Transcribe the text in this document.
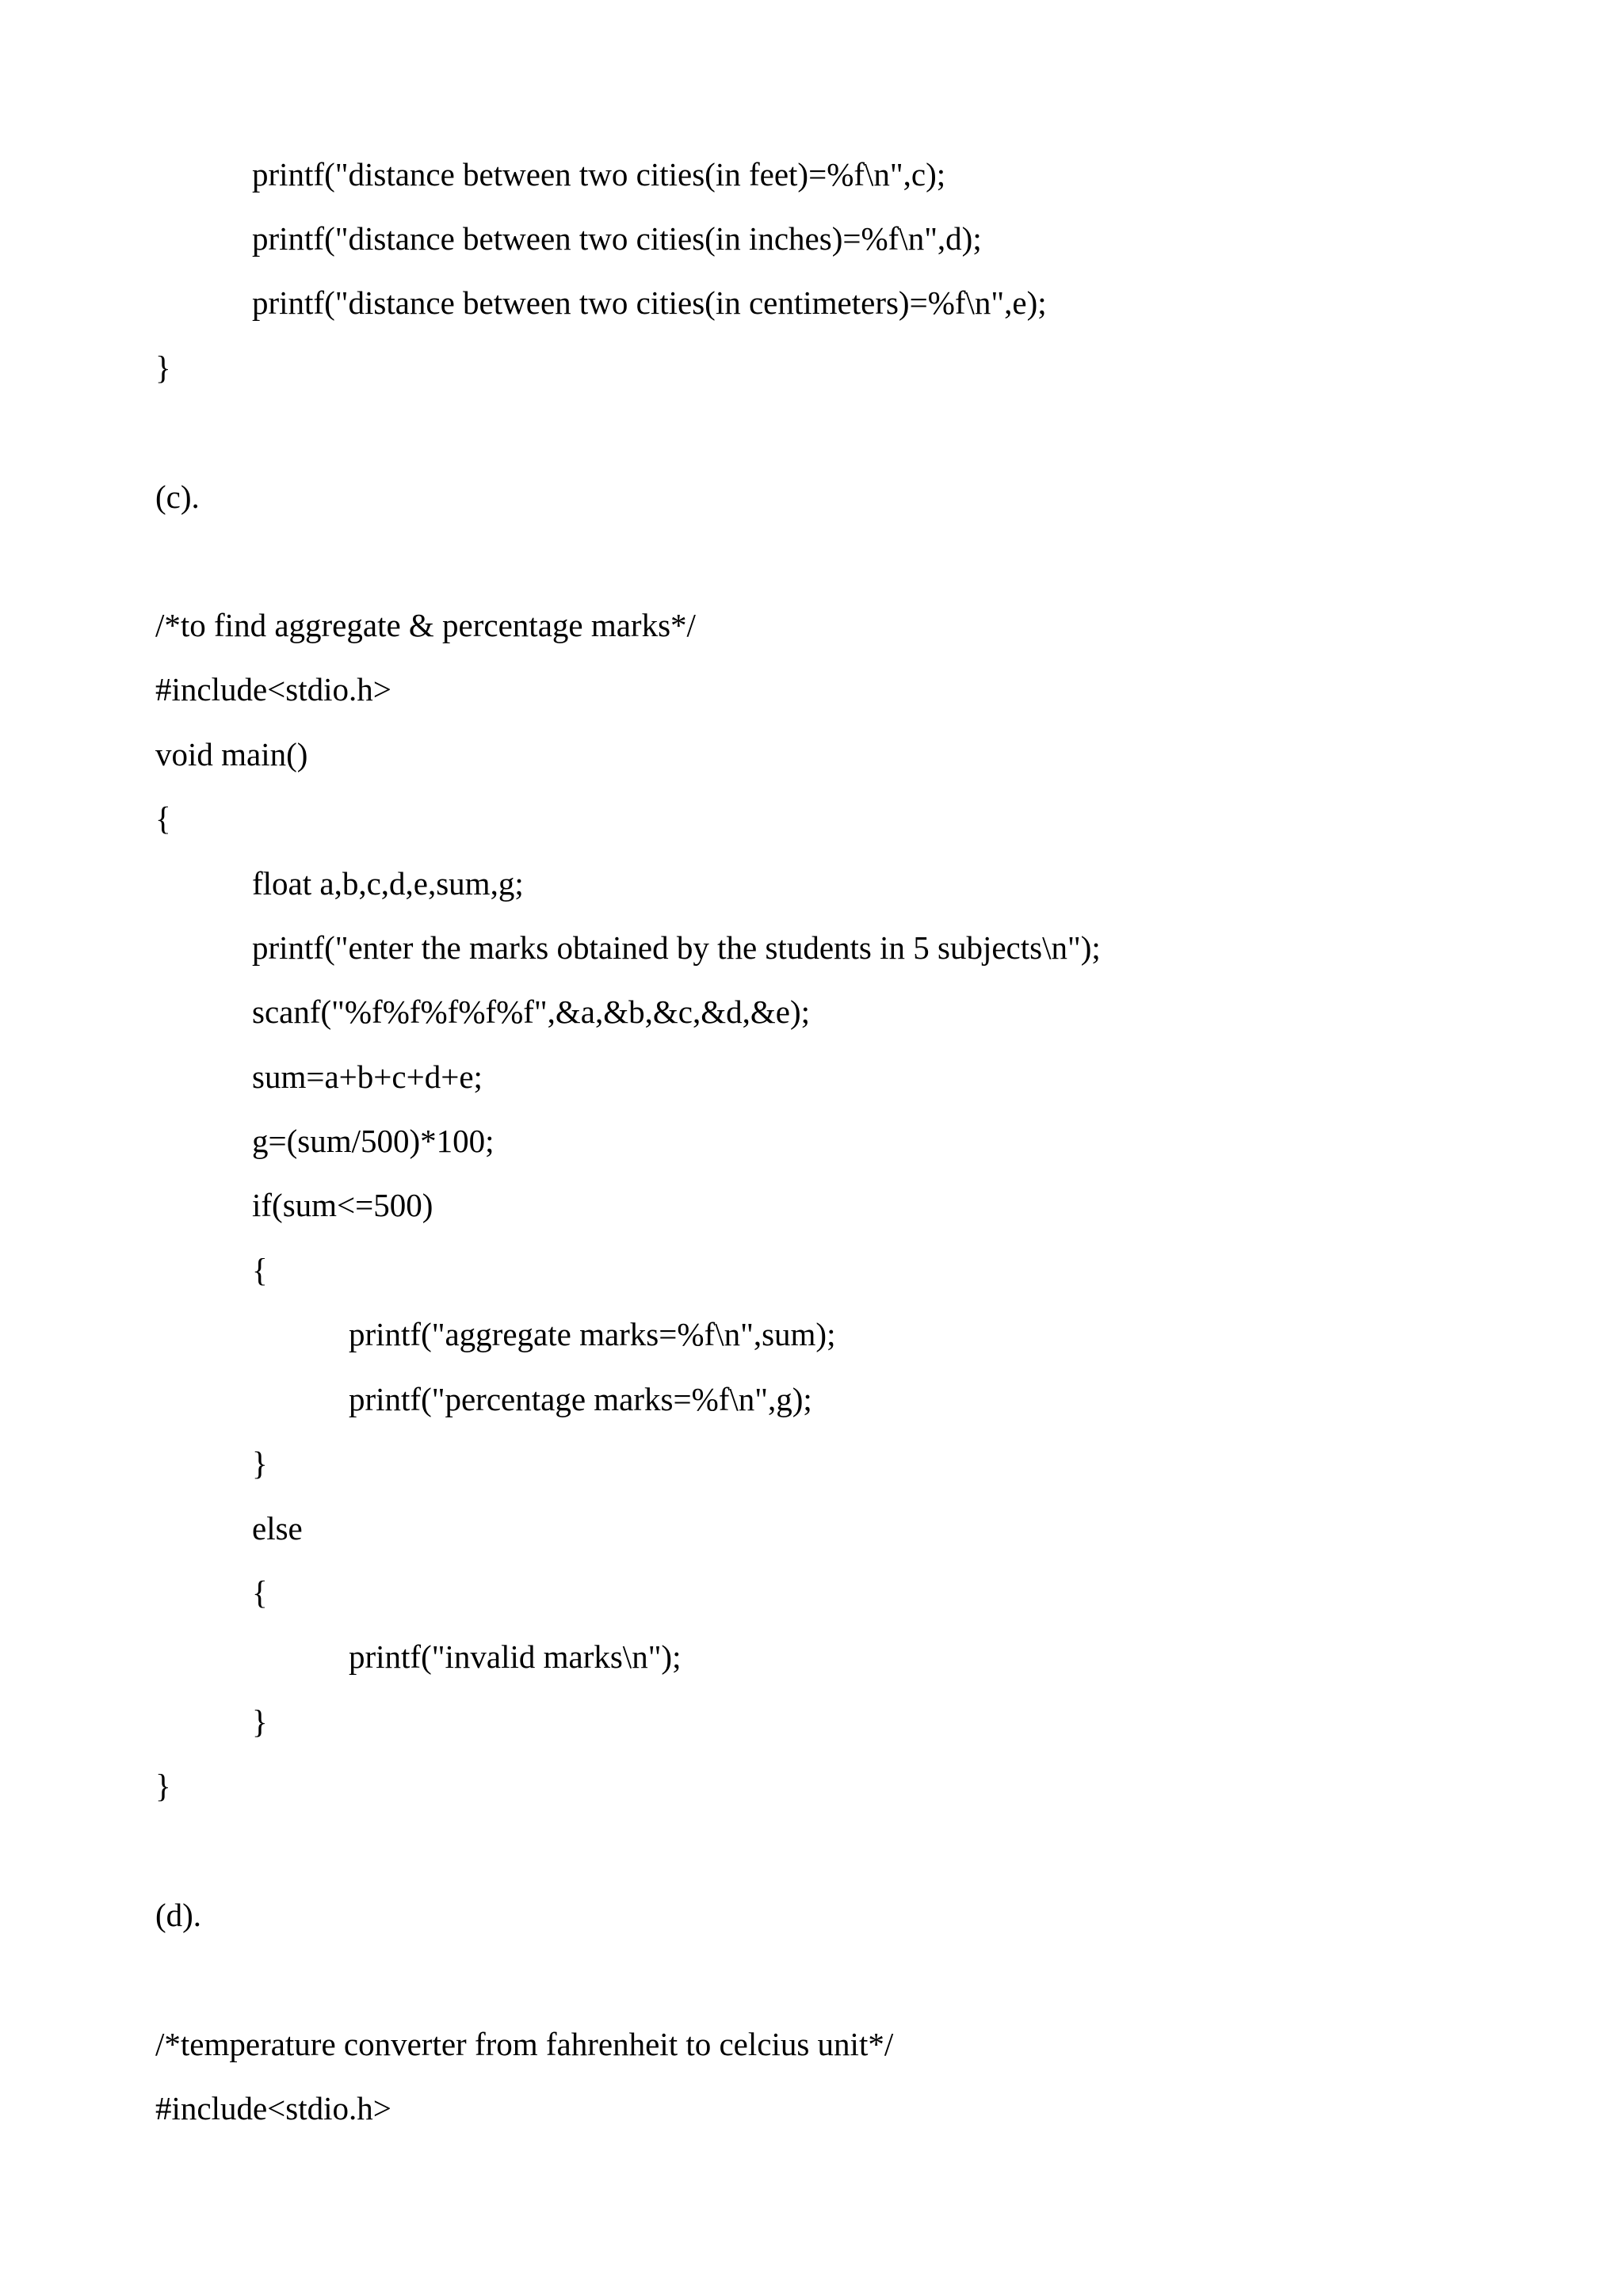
printf("distance between two cities(in feet)=%f\n",c);
printf("distance between two cities(in inches)=%f\n",d);
printf("distance between two cities(in centimeters)=%f\n",e);
}
(c).
/*to find aggregate & percentage marks*/
#include<stdio.h>
void main()
{
float a,b,c,d,e,sum,g;
printf("enter the marks obtained by the students in 5 subjects\n");
scanf("%f%f%f%f%f",&a,&b,&c,&d,&e);
sum=a+b+c+d+e;
g=(sum/500)*100;
if(sum<=500)
{
printf("aggregate marks=%f\n",sum);
printf("percentage marks=%f\n",g);
}
else
{
printf("invalid marks\n");
}
}
(d).
/*temperature converter from fahrenheit to celcius unit*/
#include<stdio.h>
